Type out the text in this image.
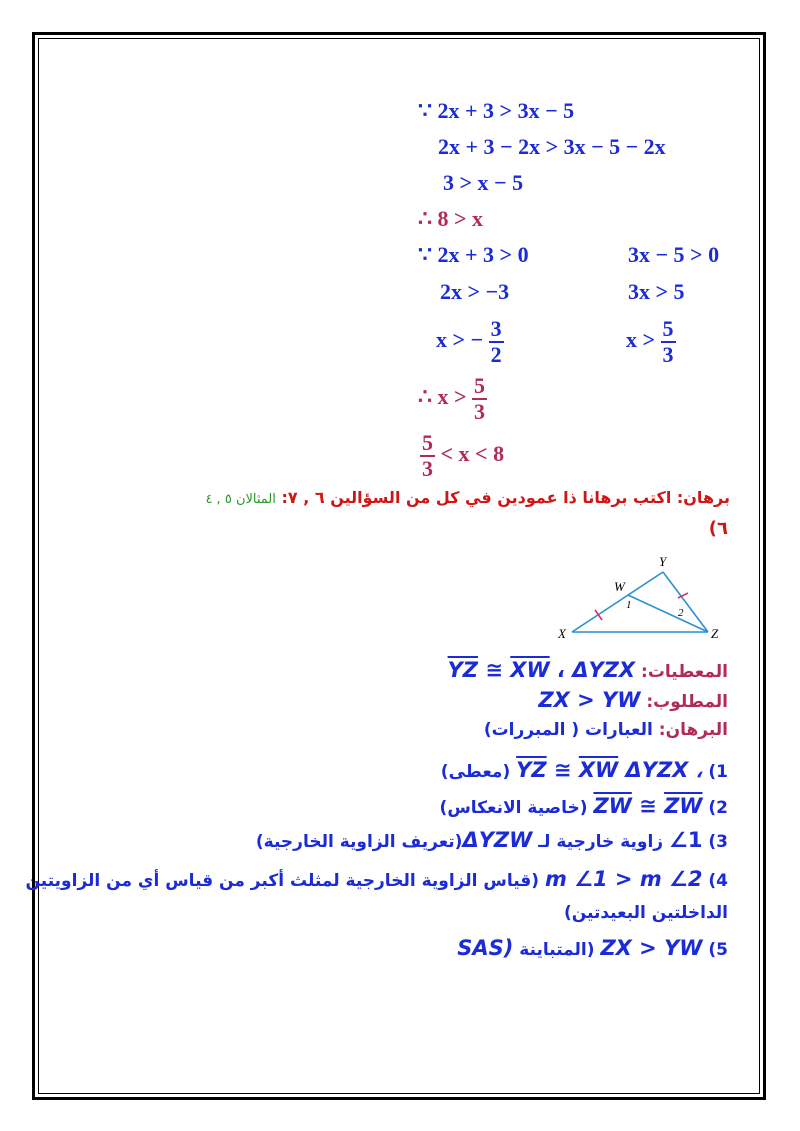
∵ 2x + 3 > 3x − 5
2x + 3 − 2x > 3x − 5 − 2x
3 > x − 5
∴ 8 > x
∵ 2x + 3 > 0	3x − 5 > 0
2x > −3	3x > 5
x > − $\frac{3}{2}$	$x > \frac{5}{3}$
∴ $x > \frac{5}{3}$
$\frac{5}{3} < x < 8$
برهان: اكتب برهانا ذا عمودين في كل من السؤالين ٦ , ٧: المثالان ٥ , ٤
٦)
Y
W
X	Z
1
2
المعطيات: $\overline{YZ}$ ≅ $\overline{XW}$ ، ΔYZX
المطلوب: ZX > YW
البرهان: العبارات ( المبررات)
1) $\overline{YZ}$ ≅ $\overline{XW}$ ΔYZX ، (معطى)
2) $\overline{ZW}$ ≅ $\overline{ZW}$ (خاصية الانعكاس)
3) ∠1 زاوية خارجية لـ ΔYZW(تعريف الزاوية الخارجية)
4) m ∠1 > m ∠2 (قياس الزاوية الخارجية لمثلث أكبر من قياس أي من الزاويتين
الداخلتين البعيدتين)
5) ZX > YW (المتباينة SAS)
